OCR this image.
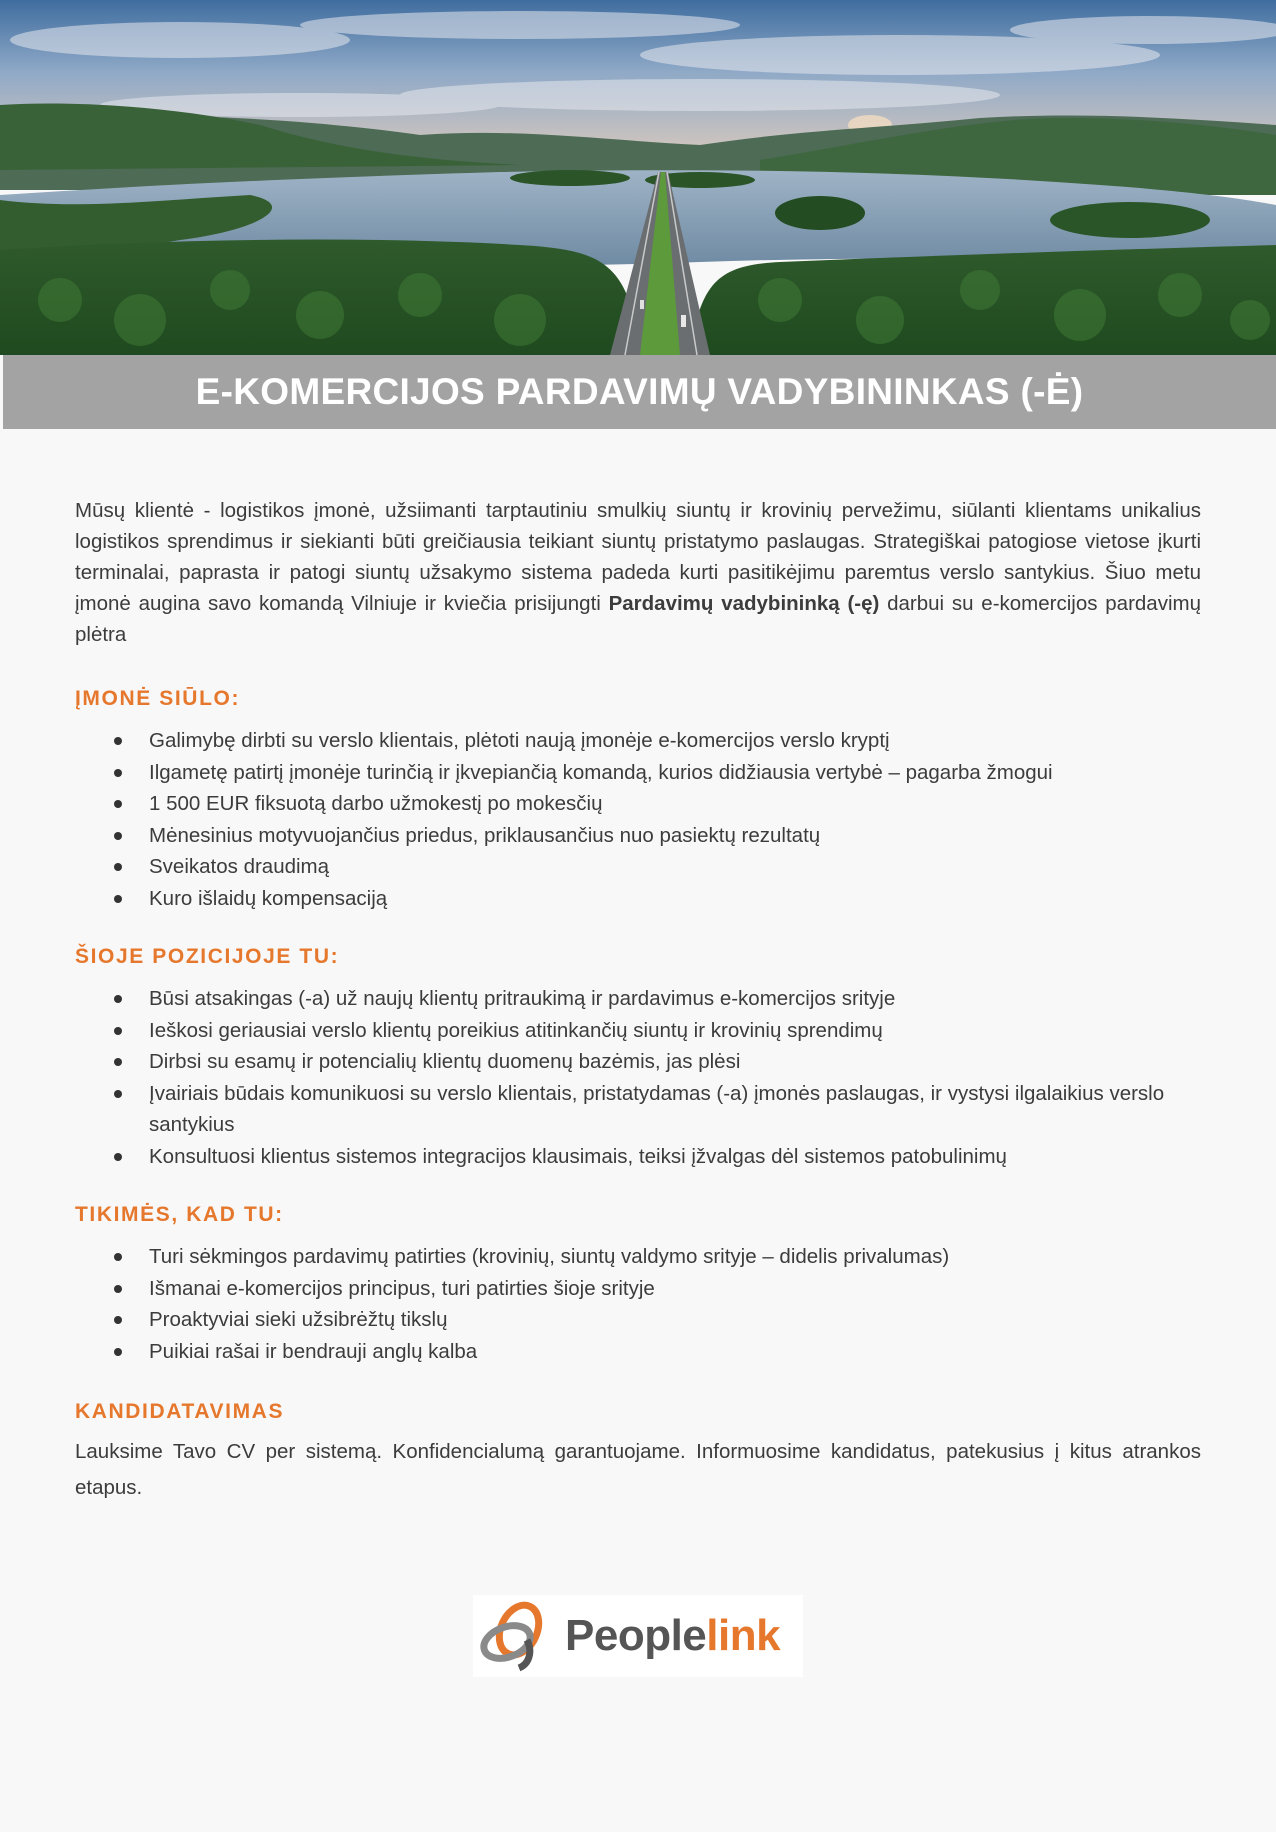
E-KOMERCIJOS PARDAVIMŲ VADYBININKAS (-Ė)

Mūsų klientė - logistikos įmonė, užsiimanti tarptautiniu smulkių siuntų ir krovinių pervežimu, siūlanti klientams unikalius logistikos sprendimus ir siekianti būti greičiausia teikiant siuntų pristatymo paslaugas. Strategiškai patogiose vietose įkurti terminalai, paprasta ir patogi siuntų užsakymo sistema padeda kurti pasitikėjimu paremtus verslo santykius. Šiuo metu įmonė augina savo komandą Vilniuje ir kviečia prisijungti Pardavimų vadybininką (-ę) darbui su e-komercijos pardavimų plėtra

ĮMONĖ SIŪLO:
Galimybę dirbti su verslo klientais, plėtoti naują įmonėje e-komercijos verslo kryptį
Ilgametę patirtį įmonėje turinčią ir įkvepiančią komandą, kurios didžiausia vertybė – pagarba žmogui
1 500 EUR fiksuotą darbo užmokestį po mokesčių
Mėnesinius motyvuojančius priedus, priklausančius nuo pasiektų rezultatų
Sveikatos draudimą
Kuro išlaidų kompensaciją
ŠIOJE POZICIJOJE TU:
Būsi atsakingas (-a) už naujų klientų pritraukimą ir pardavimus e-komercijos srityje
Ieškosi geriausiai verslo klientų poreikius atitinkančių siuntų ir krovinių sprendimų
Dirbsi su esamų ir potencialių klientų duomenų bazėmis, jas plėsi
Įvairiais būdais komunikuosi su verslo klientais, pristatydamas (-a) įmonės paslaugas, ir vystysi ilgalaikius verslo santykius
Konsultuosi klientus sistemos integracijos klausimais, teiksi įžvalgas dėl sistemos patobulinimų
TIKIMĖS, KAD TU:
Turi sėkmingos pardavimų patirties (krovinių, siuntų valdymo srityje – didelis privalumas)
Išmanai e-komercijos principus, turi patirties šioje srityje
Proaktyviai sieki užsibrėžtų tikslų
Puikiai rašai ir bendrauji anglų kalba
KANDIDATAVIMAS

Lauksime Tavo CV per sistemą. Konfidencialumą garantuojame. Informuosime kandidatus, patekusius į kitus atrankos etapus.

Peoplelink
